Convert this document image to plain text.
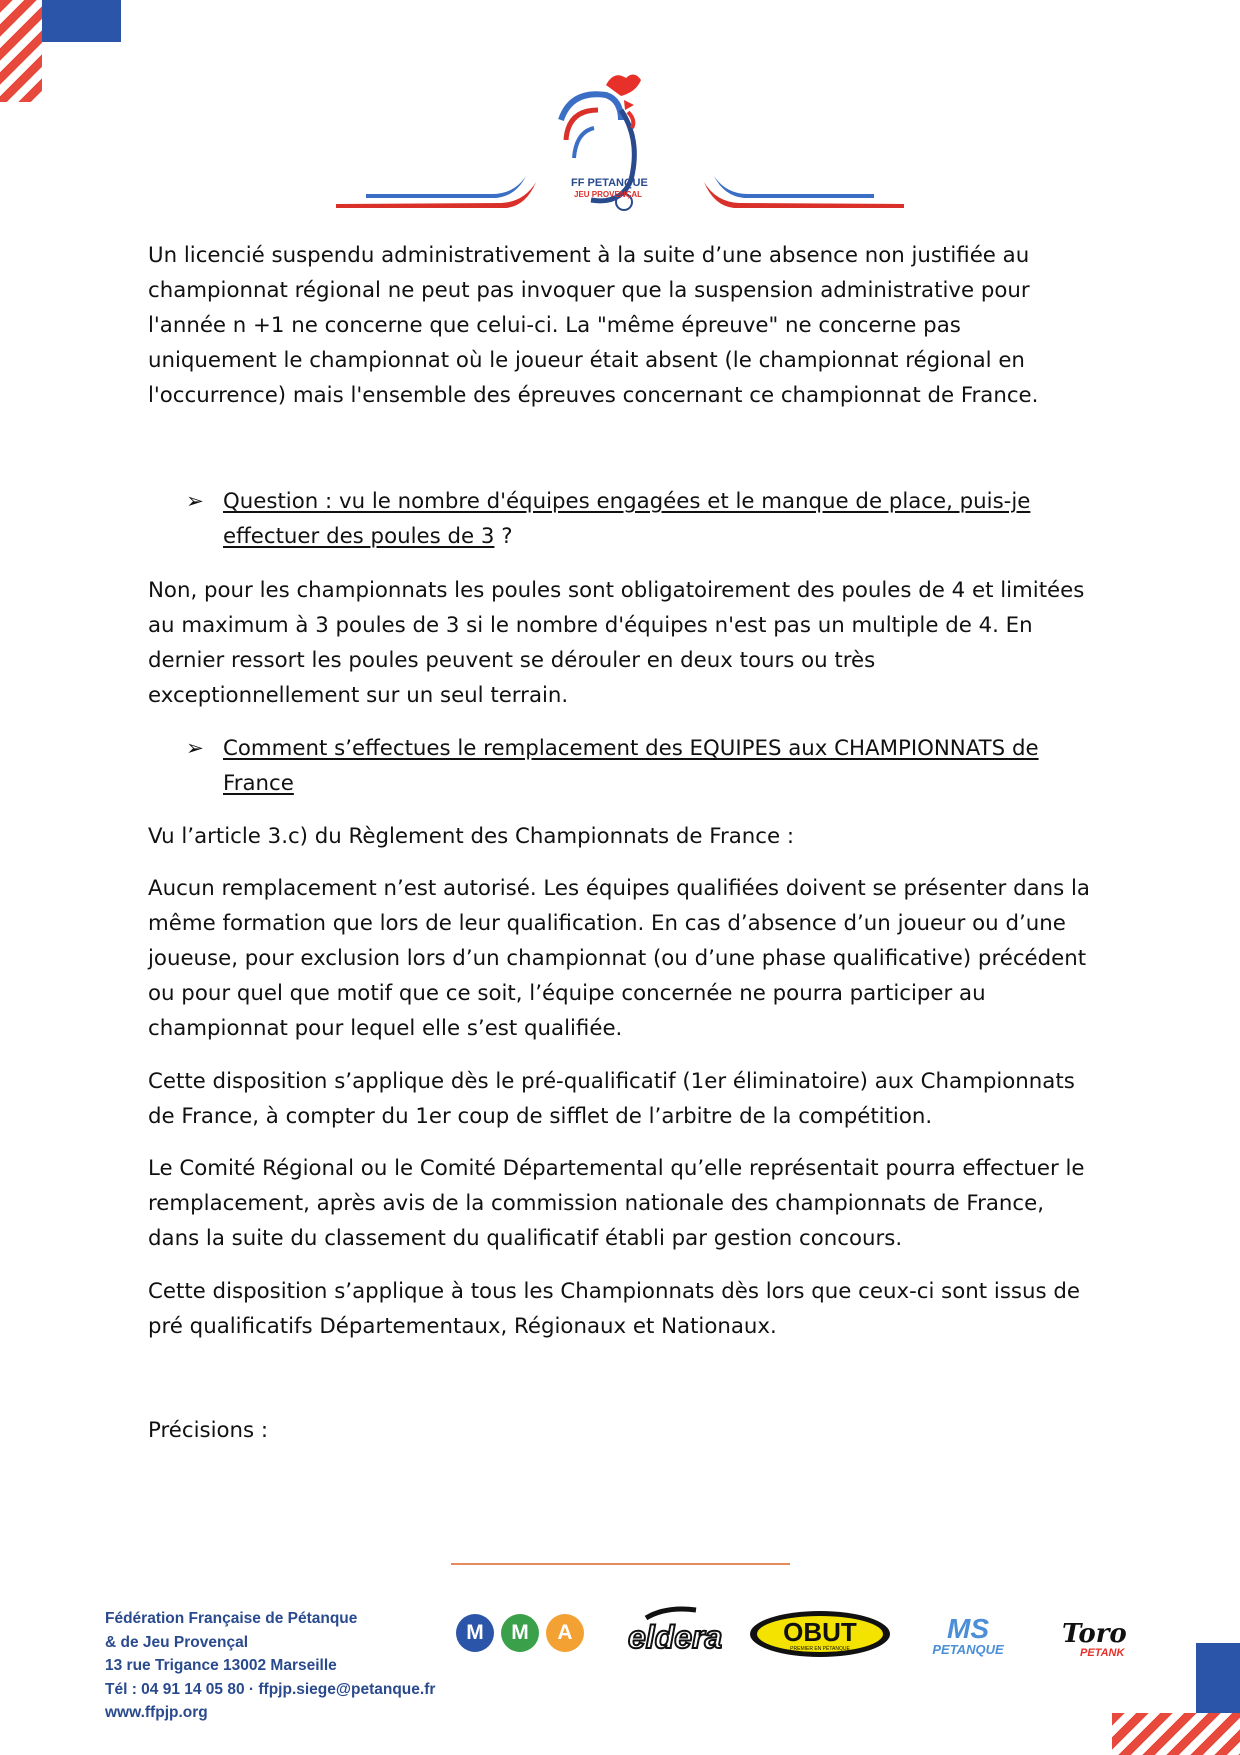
FF PETANQUE
JEU PROVENÇAL

Un licencié suspendu administrativement à la suite d’une absence non justifiée au championnat régional ne peut pas invoquer que la suspension administrative pour l'année n +1 ne concerne que celui-ci. La "même épreuve" ne concerne pas uniquement le championnat où le joueur était absent (le championnat régional en l'occurrence) mais l'ensemble des épreuves concernant ce championnat de France.

➢ Question : vu le nombre d'équipes engagées et le manque de place, puis-je effectuer des poules de 3 ?

Non, pour les championnats les poules sont obligatoirement des poules de 4 et limitées au maximum à 3 poules de 3 si le nombre d'équipes n'est pas un multiple de 4. En dernier ressort les poules peuvent se dérouler en deux tours ou très exceptionnellement sur un seul terrain.

➢ Comment s’effectues le remplacement des EQUIPES aux CHAMPIONNATS de France

Vu l’article 3.c) du Règlement des Championnats de France :

Aucun remplacement n’est autorisé. Les équipes qualifiées doivent se présenter dans la même formation que lors de leur qualification. En cas d’absence d’un joueur ou d’une joueuse, pour exclusion lors d’un championnat (ou d’une phase qualificative) précédent ou pour quel que motif que ce soit, l’équipe concernée ne pourra participer au championnat pour lequel elle s’est qualifiée.

Cette disposition s’applique dès le pré-qualificatif (1er éliminatoire) aux Championnats de France, à compter du 1er coup de sifflet de l’arbitre de la compétition.

Le Comité Régional ou le Comité Départemental qu’elle représentait pourra effectuer le remplacement, après avis de la commission nationale des championnats de France, dans la suite du classement du qualificatif établi par gestion concours.

Cette disposition s’applique à tous les Championnats dès lors que ceux-ci sont issus de pré qualificatifs Départementaux, Régionaux et Nationaux.

Précisions :

Fédération Française de Pétanque
& de Jeu Provençal
13 rue Trigance 13002 Marseille
Tél : 04 91 14 05 80 · ffpjp.siege@petanque.fr
www.ffpjp.org
M	M	A	eldera OBUT
PREMIER EN PÉTANQUE
MS
PETANQUE
Toro
PETANK
